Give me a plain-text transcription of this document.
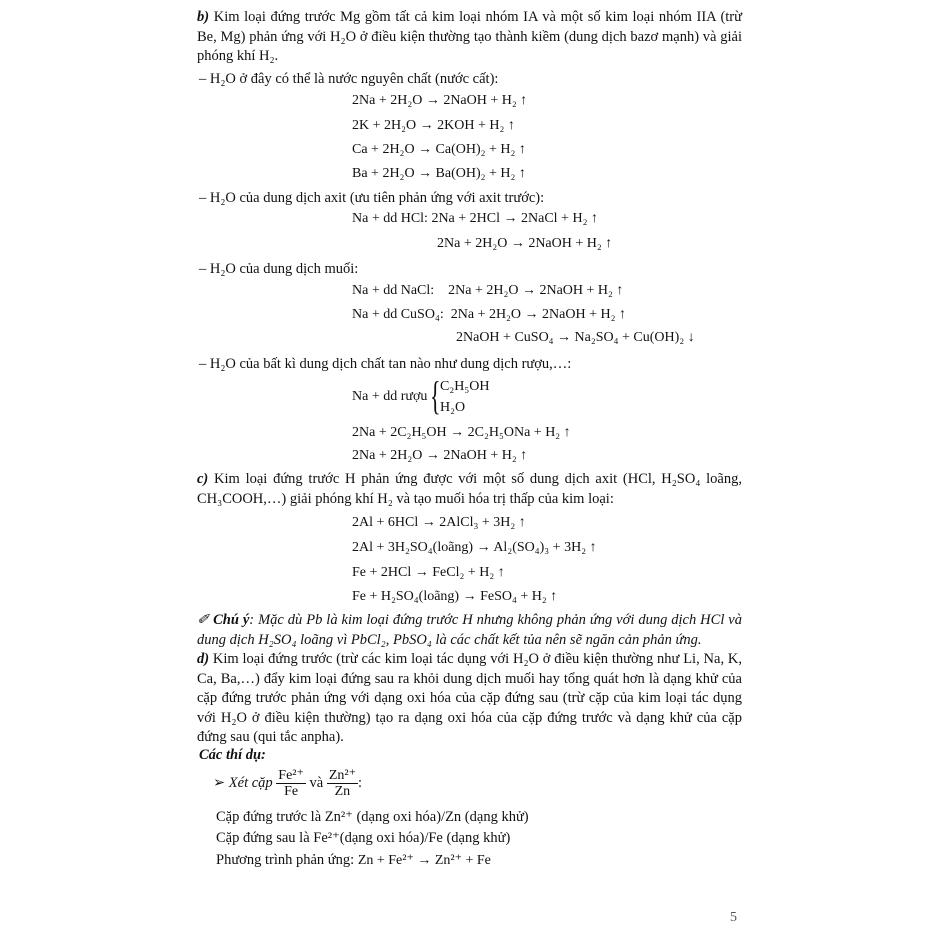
b) Kim loại đứng trước Mg gồm tất cả kim loại nhóm IA và một số kim loại nhóm IIA (trừ Be, Mg) phản ứng với H₂O ở điều kiện thường tạo thành kiềm (dung dịch bazơ mạnh) và giải phóng khí H₂.
– H₂O ở đây có thể là nước nguyên chất (nước cất):
2Na + 2H₂O → 2NaOH + H₂ ↑
2K + 2H₂O → 2KOH + H₂ ↑
Ca + 2H₂O → Ca(OH)₂ + H₂ ↑
Ba + 2H₂O → Ba(OH)₂ + H₂ ↑
– H₂O của dung dịch axit (ưu tiên phản ứng với axit trước):
Na + dd HCl: 2Na + 2HCl → 2NaCl + H₂ ↑
2Na + 2H₂O → 2NaOH + H₂ ↑
– H₂O của dung dịch muối:
Na + dd NaCl:    2Na + 2H₂O → 2NaOH + H₂ ↑
Na + dd CuSO₄:  2Na + 2H₂O → 2NaOH + H₂ ↑
2NaOH + CuSO₄ → Na₂SO₄ + Cu(OH)₂ ↓
– H₂O của bất kì dung dịch chất tan nào như dung dịch rượu,…:
Na + dd rượu { C₂H₅OH
H₂O
2Na + 2C₂H₅OH → 2C₂H₅ONa + H₂ ↑
2Na + 2H₂O → 2NaOH + H₂ ↑
c) Kim loại đứng trước H phản ứng được với một số dung dịch axit (HCl, H₂SO₄ loãng, CH₃COOH,…) giải phóng khí H₂ và tạo muối hóa trị thấp của kim loại:
2Al + 6HCl → 2AlCl₃ + 3H₂ ↑
2Al + 3H₂SO₄(loãng) → Al₂(SO₄)₃ + 3H₂ ↑
Fe + 2HCl → FeCl₂ + H₂ ↑
Fe + H₂SO₄(loãng) → FeSO₄ + H₂ ↑
✐ Chú ý: Mặc dù Pb là kim loại đứng trước H nhưng không phản ứng với dung dịch HCl và dung dịch H₂SO₄ loãng vì PbCl₂, PbSO₄ là các chất kết tủa nên sẽ ngăn cản phản ứng.
d) Kim loại đứng trước (trừ các kim loại tác dụng với H₂O ở điều kiện thường như Li, Na, K, Ca, Ba,…) đẩy kim loại đứng sau ra khỏi dung dịch muối hay tổng quát hơn là dạng khử của cặp đứng trước phản ứng với dạng oxi hóa của cặp đứng sau (trừ cặp của kim loại tác dụng với H₂O ở điều kiện thường) tạo ra dạng oxi hóa của cặp đứng trước và dạng khử của cặp đứng sau (qui tắc anpha).
Các thí dụ:
➢ Xét cặp $\frac{\text{Fe²⁺}}{Fe}$ và $\frac{\text{Zn²⁺}}{Zn}$ :
Cặp đứng trước là Zn²⁺ (dạng oxi hóa)/Zn (dạng khử)
Cặp đứng sau là Fe²⁺(dạng oxi hóa)/Fe (dạng khử)
Phương trình phản ứng: Zn + Fe²⁺ → Zn²⁺ + Fe
5
